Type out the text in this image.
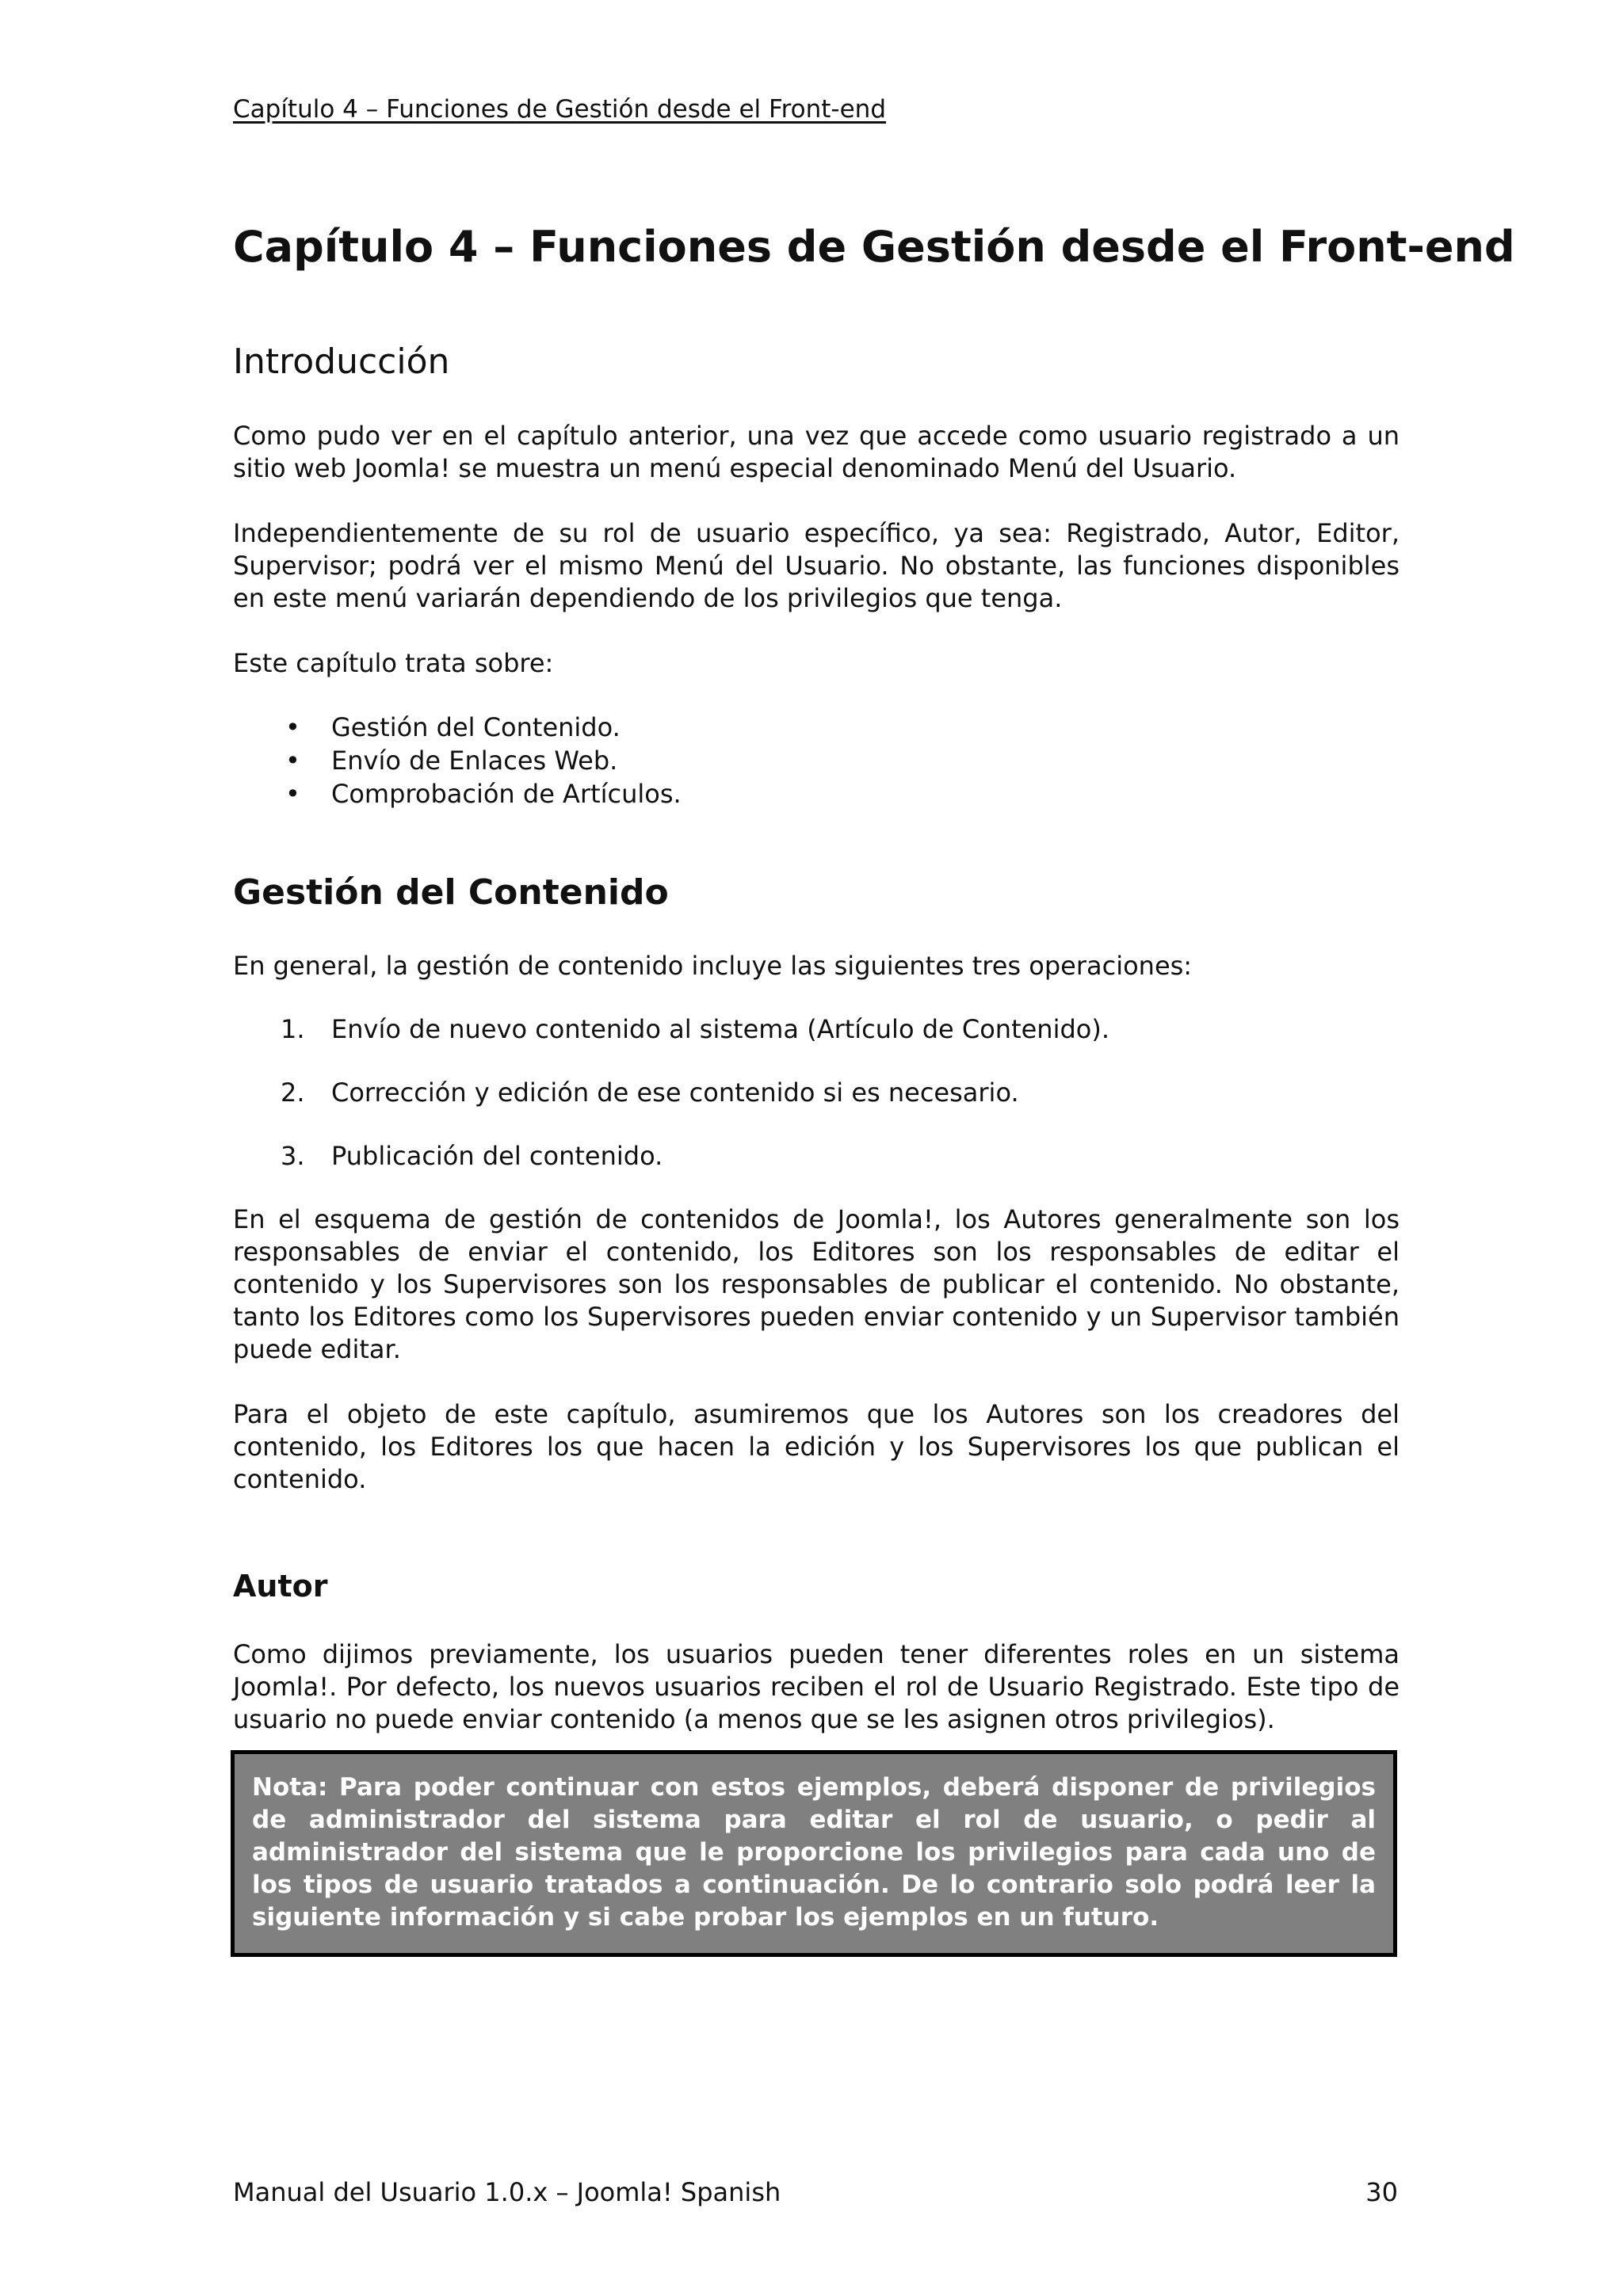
Capítulo 4 – Funciones de Gestión desde el Front-end
Capítulo 4 – Funciones de Gestión desde el Front-end
Introducción

Como pudo ver en el capítulo anterior, una vez que accede como usuario registrado a un sitio web Joomla! se muestra un menú especial denominado Menú del Usuario.

Independientemente de su rol de usuario específico, ya sea: Registrado, Autor, Editor, Supervisor; podrá ver el mismo Menú del Usuario. No obstante, las funciones disponibles en este menú variarán dependiendo de los privilegios que tenga.

Este capítulo trata sobre:

• Gestión del Contenido.
• Envío de Enlaces Web.
• Comprobación de Artículos.
Gestión del Contenido

En general, la gestión de contenido incluye las siguientes tres operaciones:

1. Envío de nuevo contenido al sistema (Artículo de Contenido).
2. Corrección y edición de ese contenido si es necesario.
3. Publicación del contenido.

En el esquema de gestión de contenidos de Joomla!, los Autores generalmente son los responsables de enviar el contenido, los Editores son los responsables de editar el contenido y los Supervisores son los responsables de publicar el contenido. No obstante, tanto los Editores como los Supervisores pueden enviar contenido y un Supervisor también puede editar.

Para el objeto de este capítulo, asumiremos que los Autores son los creadores del contenido, los Editores los que hacen la edición y los Supervisores los que publican el contenido.

Autor

Como dijimos previamente, los usuarios pueden tener diferentes roles en un sistema Joomla!. Por defecto, los nuevos usuarios reciben el rol de Usuario Registrado. Este tipo de usuario no puede enviar contenido (a menos que se les asignen otros privilegios).

Nota: Para poder continuar con estos ejemplos, deberá disponer de privilegios de administrador del sistema para editar el rol de usuario, o pedir al administrador del sistema que le proporcione los privilegios para cada uno de los tipos de usuario tratados a continuación. De lo contrario solo podrá leer la siguiente información y si cabe probar los ejemplos en un futuro.

Manual del Usuario 1.0.x – Joomla! Spanish	30
